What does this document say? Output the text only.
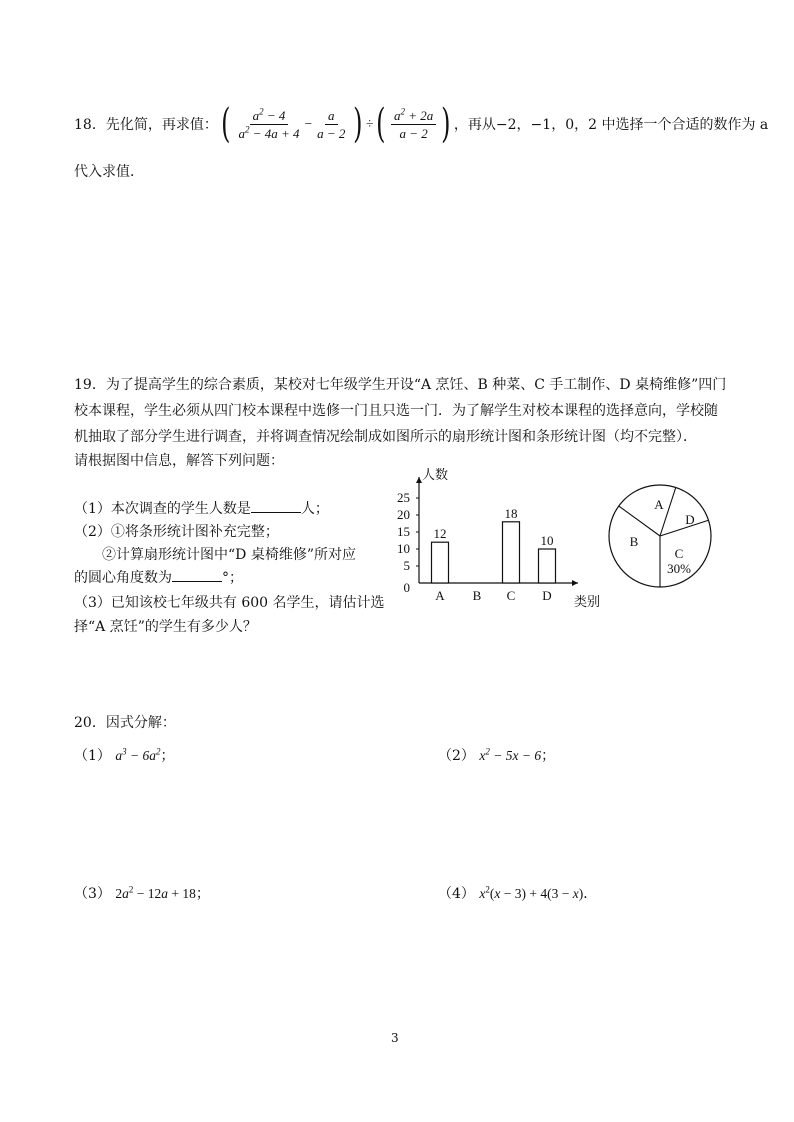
18．先化简，再求值： ( $\frac{a^2 - 4}{a^2 - 4a + 4} - \frac{a}{a - 2}$ ) ÷ ( $\frac{a^2 + 2a}{a - 2}$ ) ，再从−2，−1，0，2 中选择一个合适的数作为 a
代入求值．
19．为了提高学生的综合素质，某校对七年级学生开设“A 烹饪、B 种菜、C 手工制作、D 桌椅维修”四门
校本课程，学生必须从四门校本课程中选修一门且只选一门．为了解学生对校本课程的选择意向，学校随
机抽取了部分学生进行调查，并将调查情况绘制成如图所示的扇形统计图和条形统计图（均不完整）．
请根据图中信息，解答下列问题：
（1）本次调查的学生人数是	人；
（2）①将条形统计图补充完整；
②计算扇形统计图中“D 桌椅维修”所对应
的圆心角度数为	°；
（3）已知该校七年级共有 600 名学生，请估计选
择“A 烹饪”的学生有多少人？
人数
类别
0
5
10
15
20
25
A
12
B C
18
D
10
A
D
C
30%
B
20．因式分解：
（1） $a^3 - 6a^2$；	（2） $x^2 - 5x - 6$；
（3） $2a^2 - 12a + 18$；	（4） $x^2(x - 3) + 4(3 - x)$．
3
